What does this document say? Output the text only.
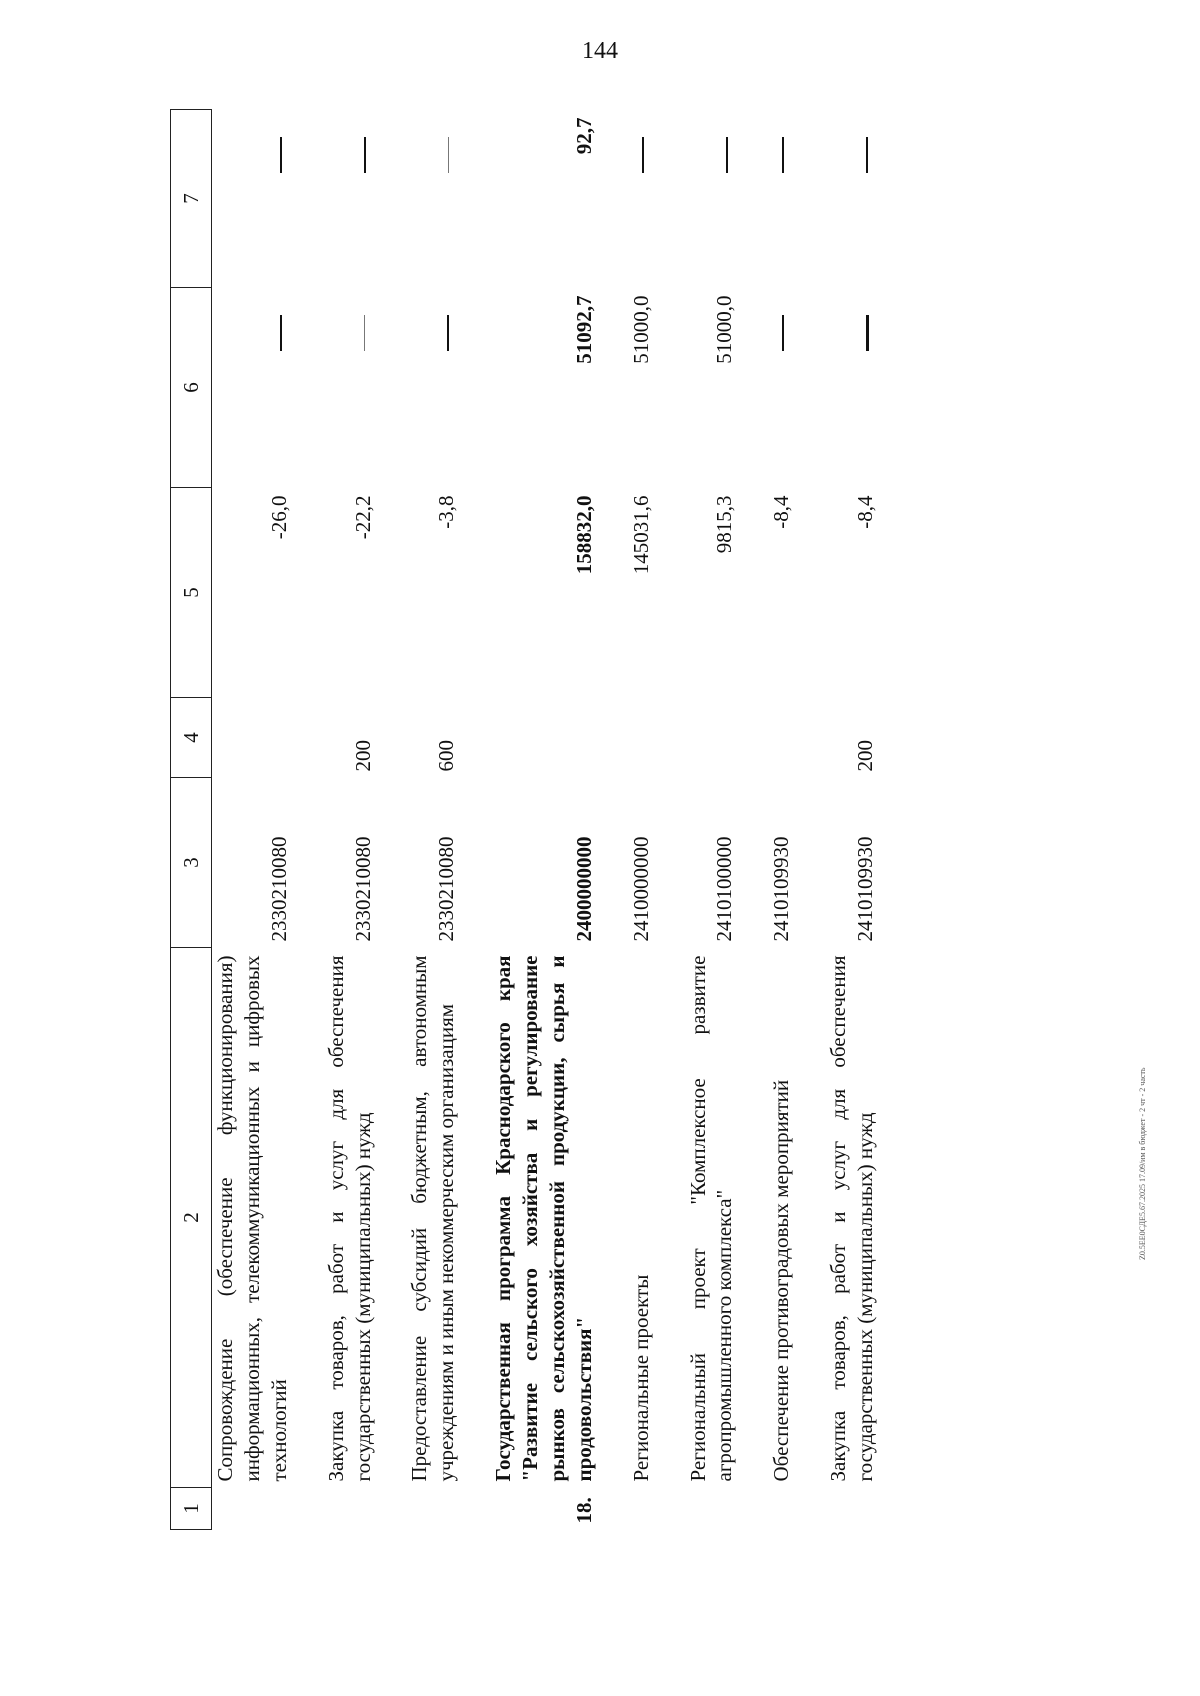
144
1	2	3	4	5	6	7
	Сопровождение (обеспечение функционирования) информационных, телекоммуникационных и цифровых технологий	2330210080		-26,0		
	Закупка товаров, работ и услуг для обеспечения государственных (муниципальных) нужд	2330210080	200	-22,2		
	Предоставление субсидий бюджетным, автономным учреждениям и иным некоммерческим организациям	2330210080	600	-3,8		
18.	Государственная программа Краснодарского края "Развитие сельского хозяйства и регулирование рынков сельскохозяйственной продукции, сырья и продовольствия"	2400000000		158832,0	51092,7	92,7
	Региональные проекты	2410000000		145031,6	51000,0	
	Региональный проект "Комплексное развитие агропромышленного комплекса"	2410100000		9815,3	51000,0	
	Обеспечение противоградовых мероприятий	2410109930		-8,4		
	Закупка товаров, работ и услуг для обеспечения государственных (муниципальных) нужд	2410109930	200	-8,4		
Z0.5ЕЕ0СДЕ5.67.2025 17.09/им в бюджет - 2 чт - 2 часть
